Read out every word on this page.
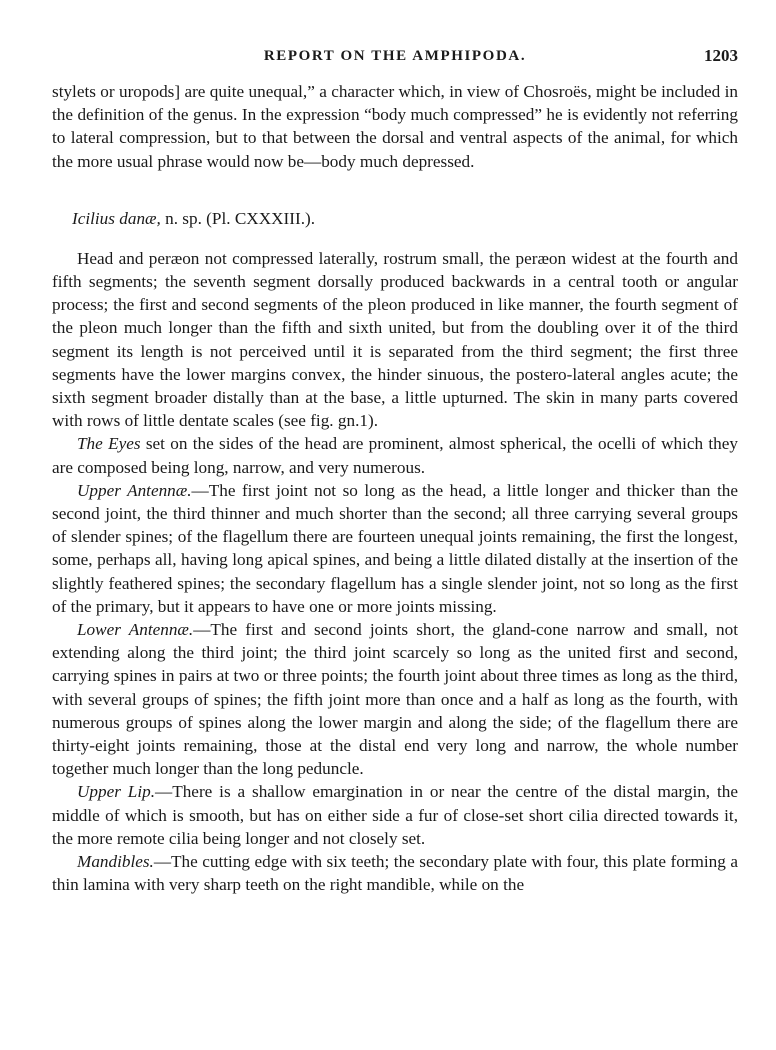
REPORT ON THE AMPHIPODA.	1203

stylets or uropods] are quite unequal,” a character which, in view of Chosroës, might be included in the definition of the genus. In the expression “body much compressed” he is evidently not referring to lateral compression, but to that between the dorsal and ventral aspects of the animal, for which the more usual phrase would now be—body much depressed.

Icilius danæ, n. sp. (Pl. CXXXIII.).

Head and peræon not compressed laterally, rostrum small, the peræon widest at the fourth and fifth segments; the seventh segment dorsally produced backwards in a central tooth or angular process; the first and second segments of the pleon produced in like manner, the fourth segment of the pleon much longer than the fifth and sixth united, but from the doubling over it of the third segment its length is not perceived until it is separated from the third segment; the first three segments have the lower margins convex, the hinder sinuous, the postero-lateral angles acute; the sixth segment broader distally than at the base, a little upturned. The skin in many parts covered with rows of little dentate scales (see fig. gn.1).

The Eyes set on the sides of the head are prominent, almost spherical, the ocelli of which they are composed being long, narrow, and very numerous.

Upper Antennæ.—The first joint not so long as the head, a little longer and thicker than the second joint, the third thinner and much shorter than the second; all three carrying several groups of slender spines; of the flagellum there are fourteen unequal joints remaining, the first the longest, some, perhaps all, having long apical spines, and being a little dilated distally at the insertion of the slightly feathered spines; the secondary flagellum has a single slender joint, not so long as the first of the primary, but it appears to have one or more joints missing.

Lower Antennæ.—The first and second joints short, the gland-cone narrow and small, not extending along the third joint; the third joint scarcely so long as the united first and second, carrying spines in pairs at two or three points; the fourth joint about three times as long as the third, with several groups of spines; the fifth joint more than once and a half as long as the fourth, with numerous groups of spines along the lower margin and along the side; of the flagellum there are thirty-eight joints remaining, those at the distal end very long and narrow, the whole number together much longer than the long peduncle.

Upper Lip.—There is a shallow emargination in or near the centre of the distal margin, the middle of which is smooth, but has on either side a fur of close-set short cilia directed towards it, the more remote cilia being longer and not closely set.

Mandibles.—The cutting edge with six teeth; the secondary plate with four, this plate forming a thin lamina with very sharp teeth on the right mandible, while on the
